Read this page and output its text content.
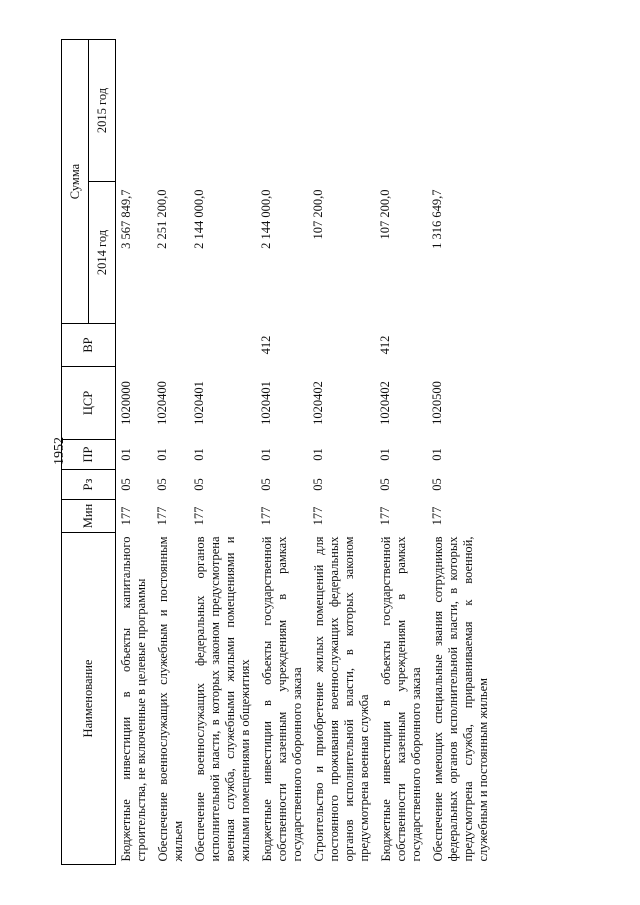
1952
Наименование	Мин	Рз	ПР	ЦСР	ВР	Сумма	
						2014 год	2015 год
Бюджетные инвестиции в объекты капитального строительства, не включенные в целевые программы	177	05	01	1020000		3 567 849,7	
Обеспечение военнослужащих служебным и постоянным жильем	177	05	01	1020400		2 251 200,0	
Обеспечение военнослужащих федеральных органов исполнительной власти, в которых законом предусмотрена военная служба, служебными жилыми помещениями и жилыми помещениями в общежитиях	177	05	01	1020401		2 144 000,0	
Бюджетные инвестиции в объекты государственной собственности казенным учреждениям в рамках государственного оборонного заказа	177	05	01	1020401	412	2 144 000,0	
Строительство и приобретение жилых помещений для постоянного проживания военнослужащих федеральных органов исполнительной власти, в которых законом предусмотрена военная служба	177	05	01	1020402		107 200,0	
Бюджетные инвестиции в объекты государственной собственности казенным учреждениям в рамках государственного оборонного заказа	177	05	01	1020402	412	107 200,0	
Обеспечение имеющих специальные звания сотрудников федеральных органов исполнительной власти, в которых предусмотрена служба, приравниваемая к военной, служебным и постоянным жильем	177	05	01	1020500		1 316 649,7	
